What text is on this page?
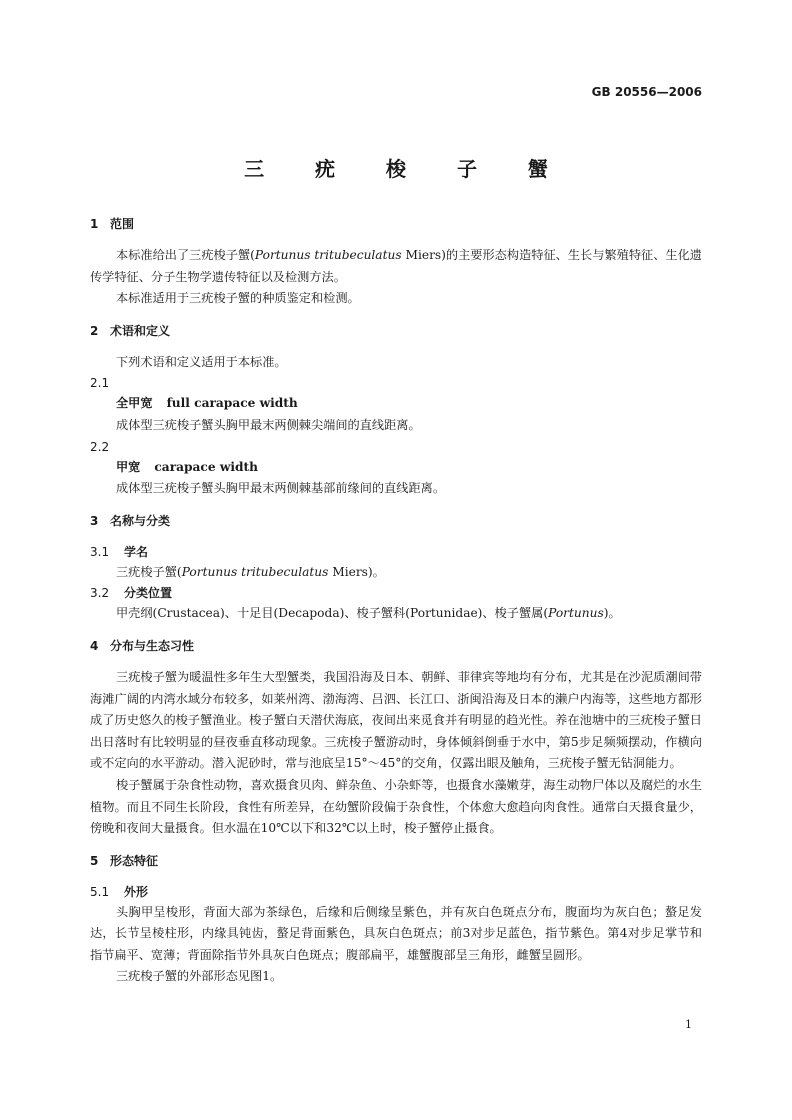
GB 20556—2006
三 疣 梭 子 蟹
1 范围

本标准给出了三疣梭子蟹(Portunus tritubeculatus Miers)的主要形态构造特征、生长与繁殖特征、生化遗传学特征、分子生物学遗传特征以及检测方法。

本标准适用于三疣梭子蟹的种质鉴定和检测。

2 术语和定义

下列术语和定义适用于本标准。

2.1

全甲宽 full carapace width

成体型三疣梭子蟹头胸甲最末两侧棘尖端间的直线距离。

2.2

甲宽 carapace width

成体型三疣梭子蟹头胸甲最末两侧棘基部前缘间的直线距离。

3 名称与分类

3.1 学名

三疣梭子蟹(Portunus tritubeculatus Miers)。

3.2 分类位置

甲壳纲(Crustacea)、十足目(Decapoda)、梭子蟹科(Portunidae)、梭子蟹属(Portunus)。

4 分布与生态习性

三疣梭子蟹为暖温性多年生大型蟹类，我国沿海及日本、朝鲜、菲律宾等地均有分布，尤其是在沙泥质潮间带海滩广阔的内湾水域分布较多，如莱州湾、渤海湾、吕泗、长江口、浙闽沿海及日本的濑户内海等，这些地方都形成了历史悠久的梭子蟹渔业。梭子蟹白天潜伏海底，夜间出来觅食并有明显的趋光性。养在池塘中的三疣梭子蟹日出日落时有比较明显的昼夜垂直移动现象。三疣梭子蟹游动时，身体倾斜倒垂于水中，第5步足频频摆动，作横向或不定向的水平游动。潜入泥砂时，常与池底呈15°～45°的交角，仅露出眼及触角，三疣梭子蟹无钻洞能力。

梭子蟹属于杂食性动物，喜欢摄食贝肉、鲜杂鱼、小杂虾等，也摄食水藻嫩芽，海生动物尸体以及腐烂的水生植物。而且不同生长阶段，食性有所差异，在幼蟹阶段偏于杂食性，个体愈大愈趋向肉食性。通常白天摄食量少，傍晚和夜间大量摄食。但水温在10℃以下和32℃以上时，梭子蟹停止摄食。

5 形态特征

5.1 外形

头胸甲呈梭形，背面大部为茶绿色，后缘和后侧缘呈紫色，并有灰白色斑点分布，腹面均为灰白色；螯足发达，长节呈棱柱形，内缘具钝齿，螯足背面紫色，具灰白色斑点；前3对步足蓝色，指节紫色。第4对步足掌节和指节扁平、宽薄；背面除指节外具灰白色斑点；腹部扁平，雄蟹腹部呈三角形，雌蟹呈圆形。

三疣梭子蟹的外部形态见图1。

1
